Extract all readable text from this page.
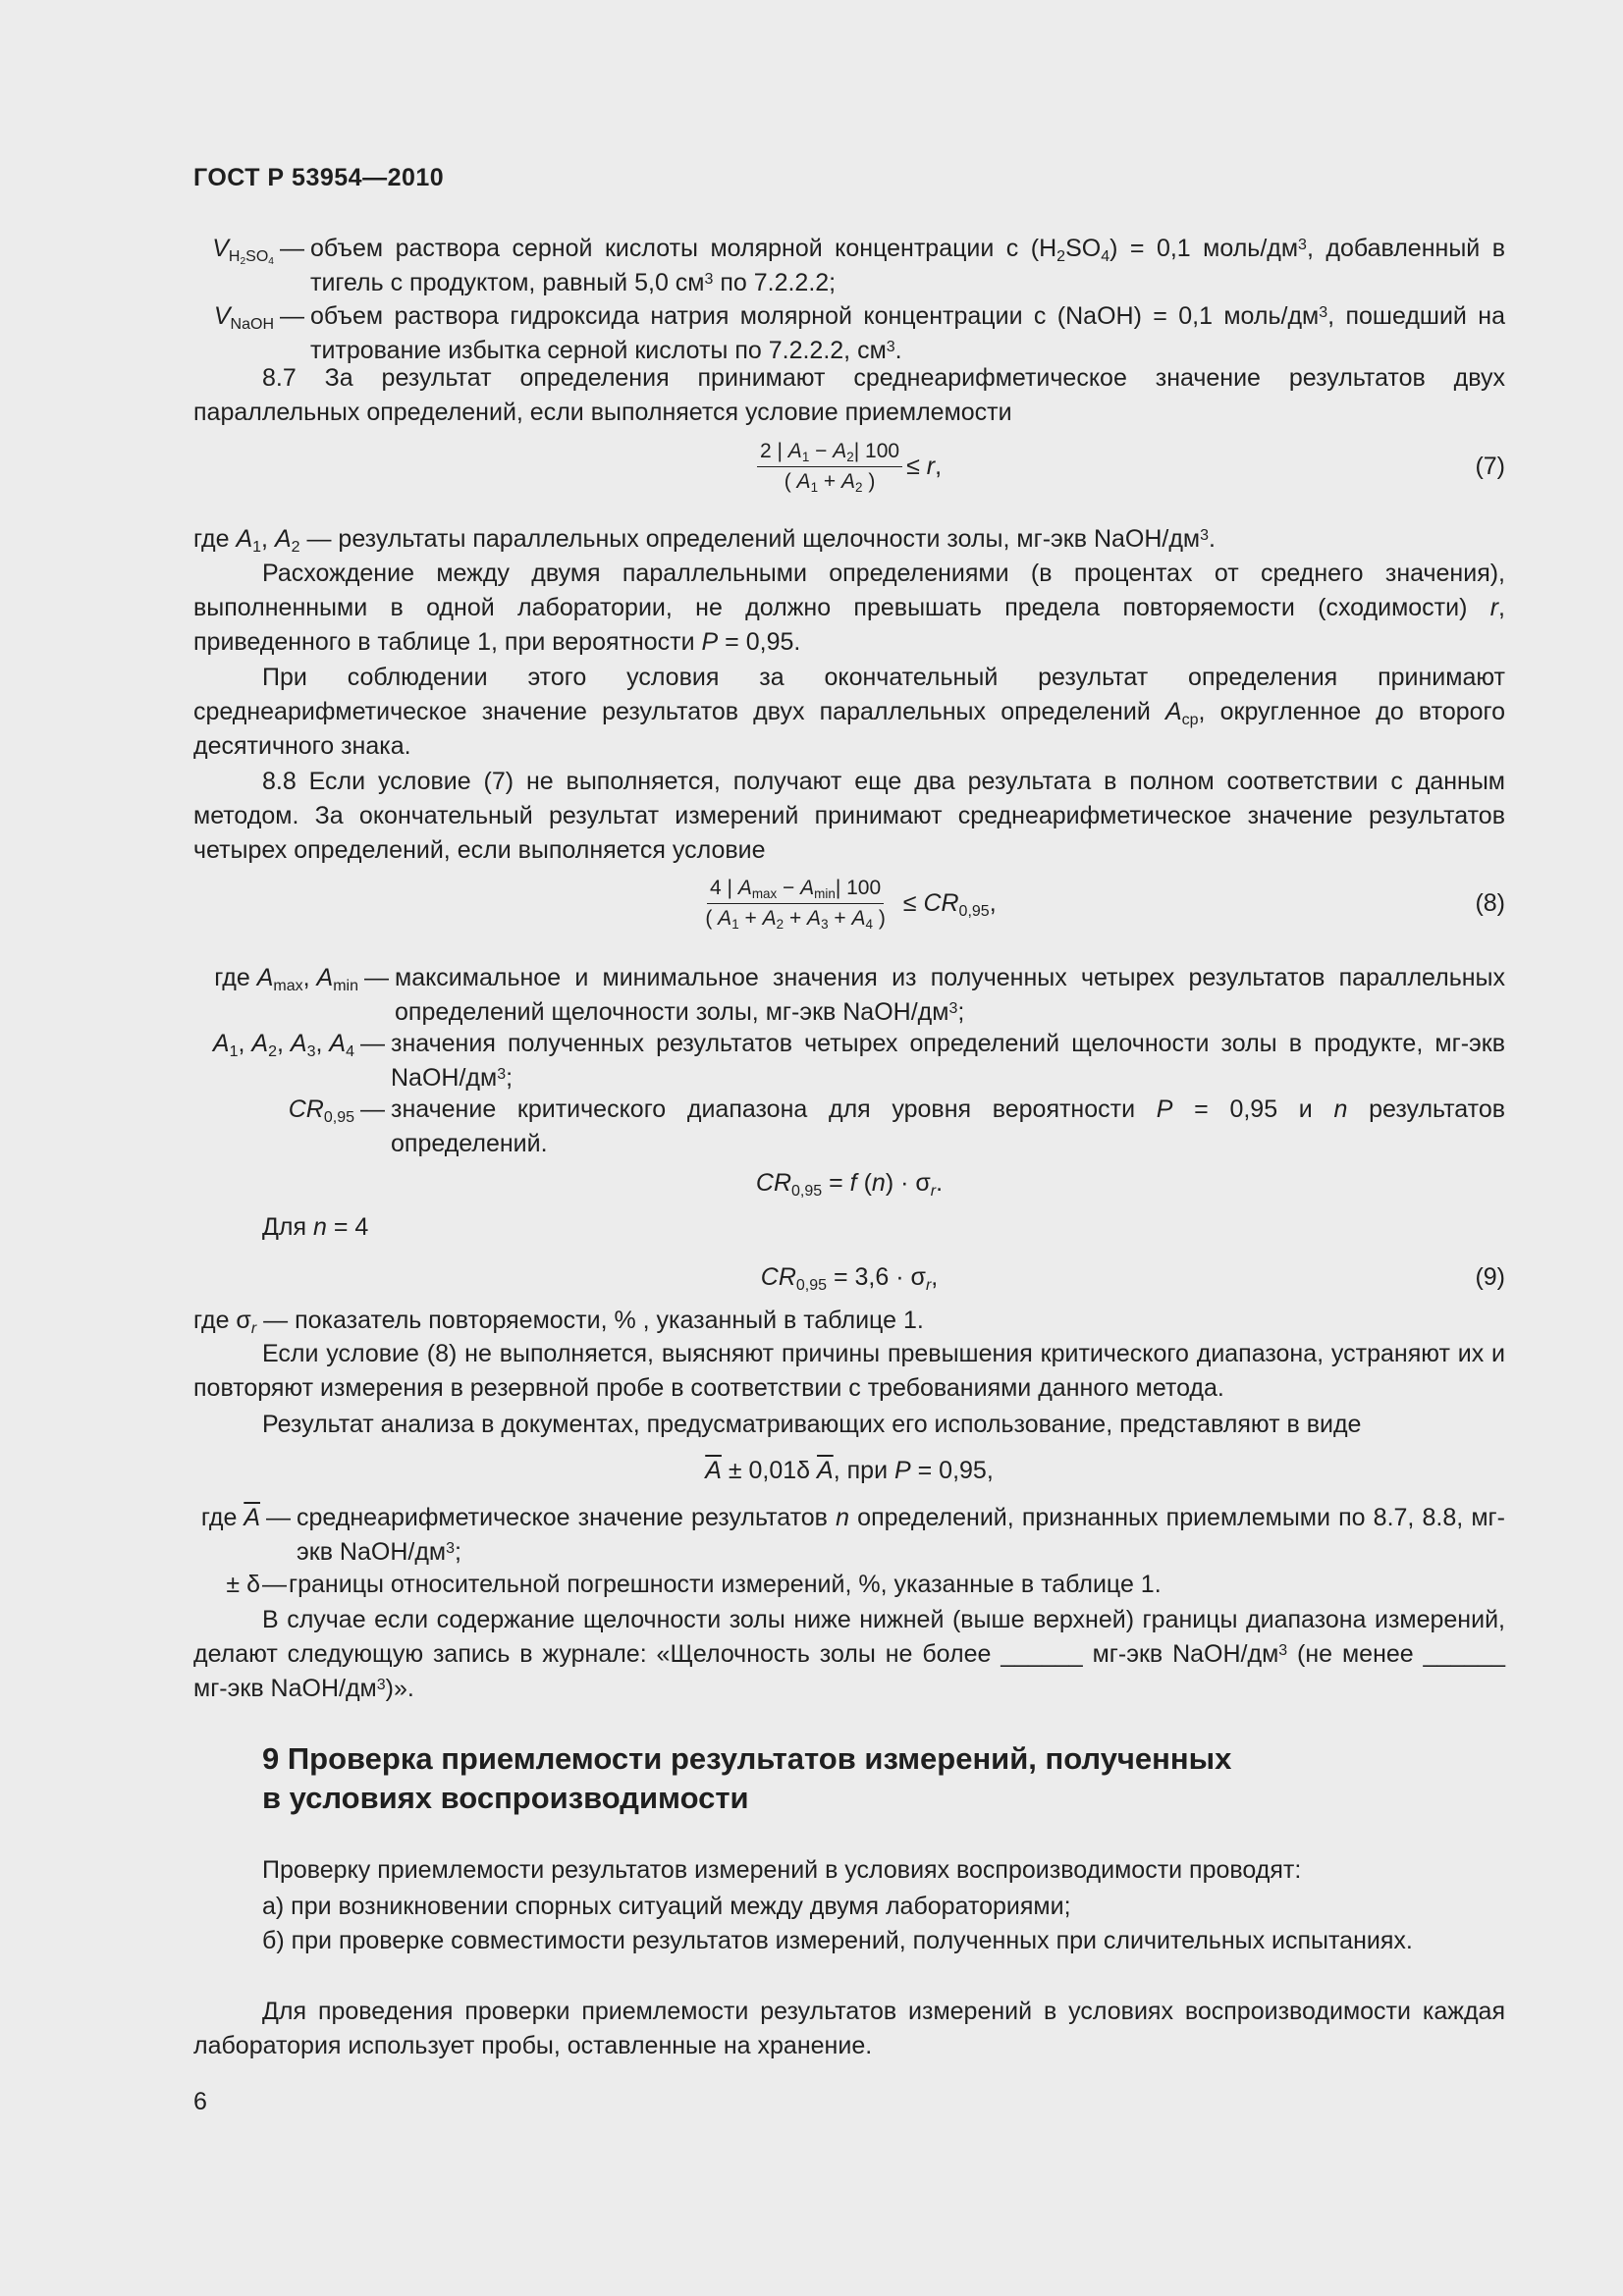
ГОСТ Р 53954—2010
$V_{H_2SO_4}$ — объем раствора серной кислоты молярной концентрации с $(H_2SO_4) = 0,1$ моль/$дм^3$, добавленный в тигель с продуктом, равный 5,0 $см^3$ по 7.2.2.2;
$V_{NaOH}$ — объем раствора гидроксида натрия молярной концентрации с (NaOH) = 0,1 моль/$дм^3$, пошедший на титрование избытка серной кислоты по 7.2.2.2, $см^3$.
8.7 За результат определения принимают среднеарифметическое значение результатов двух параллельных определений, если выполняется условие приемлемости
$\frac{2 | A_1 - A_2| 100}{( A_1 + A_2 )} \le r$,	(7)
где $A_1$, $A_2$ — результаты параллельных определений щелочности золы, мг-экв NaOH/$дм^3$.
Расхождение между двумя параллельными определениями (в процентах от среднего значения), выполненными в одной лаборатории, не должно превышать предела повторяемости (сходимости) r, приведенного в таблице 1, при вероятности P = 0,95.
При соблюдении этого условия за окончательный результат определения принимают среднеарифметическое значение результатов двух параллельных определений $A_{ср}$, округленное до второго десятичного знака.
8.8 Если условие (7) не выполняется, получают еще два результата в полном соответствии с данным методом. За окончательный результат измерений принимают среднеарифметическое значение результатов четырех определений, если выполняется условие
$\frac{4 | A_{max} - A_{min}| 100}{( A_1 + A_2 + A_3 + A_4 )} \le CR_{0,95}$,	(8)
где $A_{max}$, $A_{min}$ — максимальное и минимальное значения из полученных четырех результатов параллельных определений щелочности золы, мг-экв NaOH/$дм^3$;
$A_1$, $A_2$, $A_3$, $A_4$ — значения полученных результатов четырех определений щелочности золы в продукте, мг-экв NaOH/$дм^3$;
$CR_{0,95}$ — значение критического диапазона для уровня вероятности P = 0,95 и n результатов определений.
$CR_{0,95} = f$ $(n) \cdot \sigma_r$.
Для n = 4
$CR_{0,95} = 3,6 \cdot \sigma_r$,	(9)
где $\sigma_r$ — показатель повторяемости, % , указанный в таблице 1.
Если условие (8) не выполняется, выясняют причины превышения критического диапазона, устраняют их и повторяют измерения в резервной пробе в соответствии с требованиями данного метода.
Результат анализа в документах, предусматривающих его использование, представляют в виде
$\overline{A} \pm 0,01\delta$ $\overline{A}$, при P = 0,95,
где $\overline{A}$ — среднеарифметическое значение результатов n определений, признанных приемлемыми по 8.7, 8.8, мг-экв NaOH/$дм^3$;
± δ — границы относительной погрешности измерений, %, указанные в таблице 1.
В случае если содержание щелочности золы ниже нижней (выше верхней) границы диапазона измерений, делают следующую запись в журнале: «Щелочность золы не более ______ мг-экв NaOH/$дм^3$ (не менее ______ мг-экв NaOH/$дм^3$)».
9 Проверка приемлемости результатов измерений, полученных
в условиях воспроизводимости
Проверку приемлемости результатов измерений в условиях воспроизводимости проводят:
а) при возникновении спорных ситуаций между двумя лабораториями;
б) при проверке совместимости результатов измерений, полученных при сличительных испытаниях.
Для проведения проверки приемлемости результатов измерений в условиях воспроизводимости каждая лаборатория использует пробы, оставленные на хранение.
6
